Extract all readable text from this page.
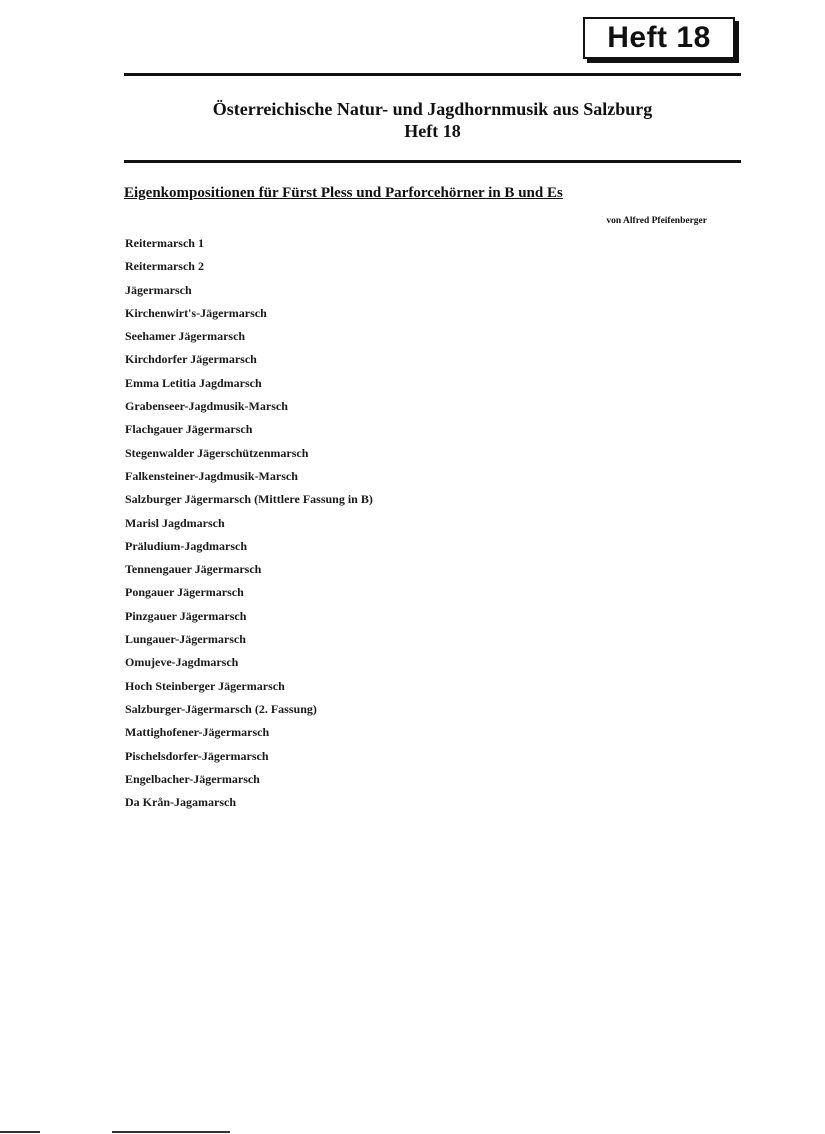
Heft 18
Österreichische Natur- und Jagdhornmusik aus Salzburg
Heft 18
Eigenkompositionen für Fürst Pless und Parforcehörner in B und Es
von Alfred Pfeifenberger
Reitermarsch 1
Reitermarsch 2
Jägermarsch
Kirchenwirt's-Jägermarsch
Seehamer Jägermarsch
Kirchdorfer Jägermarsch
Emma Letitia Jagdmarsch
Grabenseer-Jagdmusik-Marsch
Flachgauer Jägermarsch
Stegenwalder Jägerschützenmarsch
Falkensteiner-Jagdmusik-Marsch
Salzburger Jägermarsch (Mittlere Fassung in B)
Marisl Jagdmarsch
Präludium-Jagdmarsch
Tennengauer Jägermarsch
Pongauer Jägermarsch
Pinzgauer Jägermarsch
Lungauer-Jägermarsch
Omujeve-Jagdmarsch
Hoch Steinberger Jägermarsch
Salzburger-Jägermarsch (2. Fassung)
Mattighofener-Jägermarsch
Pischelsdorfer-Jägermarsch
Engelbacher-Jägermarsch
Da Krån-Jagamarsch
